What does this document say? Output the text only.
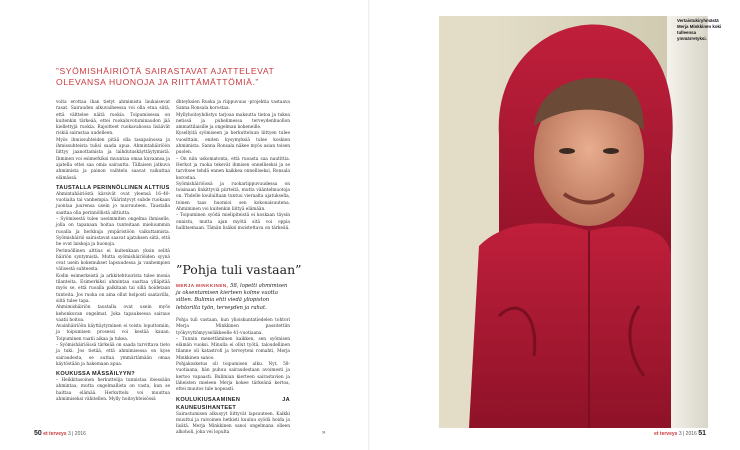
”SYÖMISHÄIRIÖTÄ SAIRASTAVAT AJATTELEVAT OLEVANSA HUONOJA JA RIITTÄMÄTTÖMIÄ.”

voita erottaa ihan tietyt ahmimista laukaisevat rasat. Sairauden alkuvaiheessa voi olla etua siitä, että välttelee näitä ruokia. Toipumisessa on kuitenkin tärkeää, ettei ruokaluvotuminaudon jää kiellettyjä ruokia. Rajoitteet ruokavaliossa lisäävät riskiä sairastaa uudelleen.

Myös ihmissuhteiden pitää olla tasapainossa ja ihmissuhteista tulisi saada apua. Ahmintahäiriöön liittyy jaanottamista ja laihdutuskäyttäytymistä. Ihminen voi esimerkiksi muuntaa omaa kuvaansa ja ajatella ettei saa omia sairautta. Tällaisen jatkuva ahmimista ja painon vaihtelu saavat vaikuttaa elämässä.

TAUSTALLA PERINNÖLLINEN ALTTIUS

Ahmintahäiriöstä kärsivät ovat yleensä 16–40-vuotiaita tai vanhempia. Väärintyvyt subde ruokaan juontaa juurensa usein jo nuoruuteen. Taustalla saattaa olla perinnöllistä alttiutta.

– Syömisestä tulee useimmiten ongelma ihmiselle, jolla on tapanaan hoitaa tunteitaan mieluummin ruoalla ja herkkuja ympäristöön vaikuttamista. Syömishäiriö sairastavat saavat ajatuksen siitä, että he ovat laiskoja ja huonoja.

Perinnöllinen alttius ei kuitenkaan yksin selitä häiriön syntymistä. Mutta syömishäiriöiden syynä ovat usein kokemukset lapsuudessa ja vanhempien välisestä suhteesta.

Kodin esimerkeistä ja arkkitehtuurista tulee monia tilanteita. Esimerkiksi ahmintaa saattaa ylläpitää myös se, että ruoalla palkitaan tai sillä hoidetaan tunteita. Jos ruoka on aina ollut helposti saatavilla, siitä tulee tapa.

Ahmimishäiriön taustalla ovat usein myös kehonkuvan ongelmat. Joka tapauksessa sairaus vaatii hoitoa.

Avainhäiriöön käyttäytyminen ei toistu loputtomiin, ja toipumisen prosessi voi kestää kauan. Toipuminen vaatii aikaa ja tukea.

– Syömishäiriöissä tärkeää on saada tarvittava tieto ja tuki. Jos tietää, että ahmimisessa on kyse sairaudesta, se auttaa ymmärtämään omaa käytöstään ja hakemaan apua.

KOUKUSSA MÄSSÄILYYN?

– Heikkitasoinen herkuttelija tunnistaa itsessään ahmintaa, mutta ongelmallista on vasta, kun se haittaa elämää. Herkuttelu voi muuttua ahmimiseksi vähitellen. Mylly hoitoyhteisössä

dhteyksien Ruoka ja riippuvuus -projektia vastaava Sanna Ronsala korostaa.

Myllyhoitoyhdistys tarjoaa maksutta tietoa ja tukea netissä ja puhelimessa terveydenhuollon ammattilaisille ja ongelman kokeneille.

Kysellyitä syömiseen ja herkutteluun liittyen tulee vuosittain, eniten kysymyksiä tulee koskien ahmimista. Sanna Ronsala näkee myös asian toisen puolen.

– On niin uskomatonta, että ruoasta saa nautittia. Herkut ja ruoka tekevät ihmisen onnelliseksi ja se tarvitsee tehdä ennen kaikkea onnelliseksi, Ronsala korostaa.

Syömishäiriöissä ja ruokariippuvuudessa on toisinaan linkittyviä piirteitä, mutta vääntelmuotoja on. Yhdelle kouluiltaan tuntuu vieraalta ajatuksella, toinen taas huomioi sen kokonaisuutena. Ahmiminen voi kuitenkin liittyä elämään.

– Toipuminen syödä mielipiteistä ei koskaan täysin onnistu, mutta ajan myötä sitä voi oppia hallitsemaan. Tämän lisäksi muistettava on tärkeää.

”Pohja tuli vastaan”
MERJA MINKKINEN, 58, lopetti ahmimisen ja oksentamisen kierteen kolme vuotta sitten. Bulimia ehti viedä yliopiston lehtorilta työn, terveyden ja rahat.

Pohja tuli vastaan, kun ylioiskuntatiedelen tohtori Merja Minkkinen passitettiin työkyvyttömyyseläkkeelle 41-vuotiaana.

– Tunnin menettäminen kaikken, sen syömisen elämän vuoksi. Minulla ei ollut työtä, taloudellinen tilanne oli katastrofi ja terveyteni romahti, Merja Minkkinen sanoo.

Pohjakosketus oli toipumisen alku. Nyt, 58-vuotiaana, hän puhuu sairaudestaan avoimesti ja kertoo vapaasti. Bulimian kierteen sairastavien ja läheisten mieleen Merja kokee tärkeänä kertoa, ettei muutos tule nopeasti.

KOULUKIUSAAMINEN JA KAUNEUSIHANTEET

Sairastumisen alkusyyt liittyvät lapsuuteen. Kaikki muuttui ja raivoinen hetkisti kuuluu syödä hoida ja lisätä. Merja Minkkinen sanoi ongelmana olleen alkoholi, joka vei lopulta

50 et terveys 3 | 2016	»
Vertaistukiryhmästä Merja Minkkinen koki tulleensa ymmärretyksi.
et terveys 3 | 2016 51
